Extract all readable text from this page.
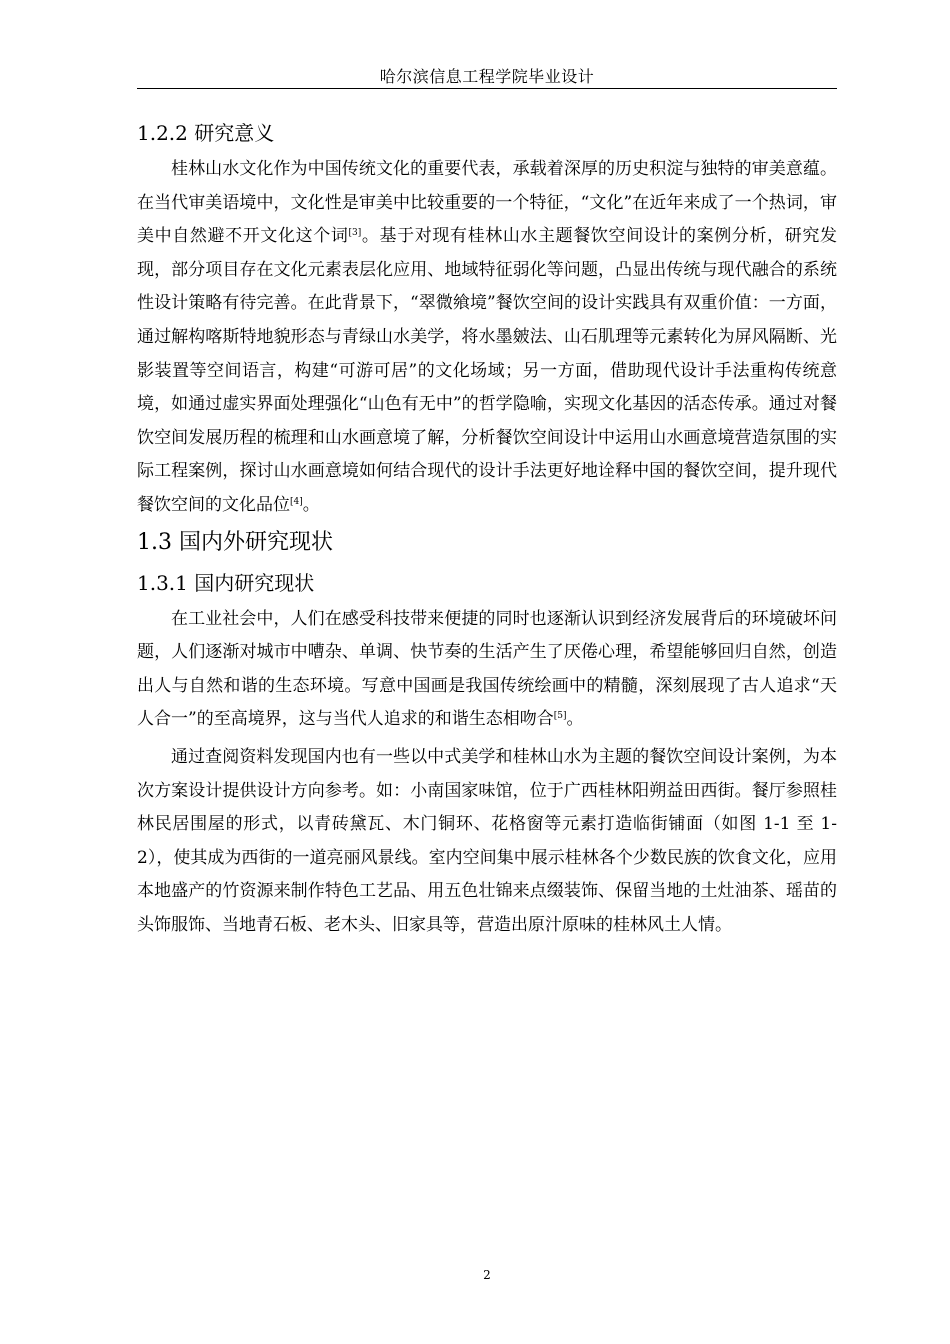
哈尔滨信息工程学院毕业设计
1.2.2 研究意义

桂林山水文化作为中国传统文化的重要代表，承载着深厚的历史积淀与独特的审美意蕴。在当代审美语境中，文化性是审美中比较重要的一个特征，“文化”在近年来成了一个热词，审美中自然避不开文化这个词[3]。基于对现有桂林山水主题餐饮空间设计的案例分析，研究发现，部分项目存在文化元素表层化应用、地域特征弱化等问题，凸显出传统与现代融合的系统性设计策略有待完善。在此背景下，“翠微飨境”餐饮空间的设计实践具有双重价值：一方面，通过解构喀斯特地貌形态与青绿山水美学，将水墨皴法、山石肌理等元素转化为屏风隔断、光影装置等空间语言，构建“可游可居”的文化场域；另一方面，借助现代设计手法重构传统意境，如通过虚实界面处理强化“山色有无中”的哲学隐喻，实现文化基因的活态传承。通过对餐饮空间发展历程的梳理和山水画意境了解，分析餐饮空间设计中运用山水画意境营造氛围的实际工程案例，探讨山水画意境如何结合现代的设计手法更好地诠释中国的餐饮空间，提升现代餐饮空间的文化品位[4]。

1.3 国内外研究现状
1.3.1 国内研究现状

在工业社会中，人们在感受科技带来便捷的同时也逐渐认识到经济发展背后的环境破坏问题，人们逐渐对城市中嘈杂、单调、快节奏的生活产生了厌倦心理，希望能够回归自然，创造出人与自然和谐的生态环境。写意中国画是我国传统绘画中的精髓，深刻展现了古人追求“天人合一”的至高境界，这与当代人追求的和谐生态相吻合[5]。

通过查阅资料发现国内也有一些以中式美学和桂林山水为主题的餐饮空间设计案例，为本次方案设计提供设计方向参考。如：小南国家味馆，位于广西桂林阳朔益田西街。餐厅参照桂林民居围屋的形式，以青砖黛瓦、木门铜环、花格窗等元素打造临街铺面（如图 1-1 至 1-2），使其成为西街的一道亮丽风景线。室内空间集中展示桂林各个少数民族的饮食文化，应用本地盛产的竹资源来制作特色工艺品、用五色壮锦来点缀装饰、保留当地的土灶油茶、瑶苗的头饰服饰、当地青石板、老木头、旧家具等，营造出原汁原味的桂林风土人情。

2
